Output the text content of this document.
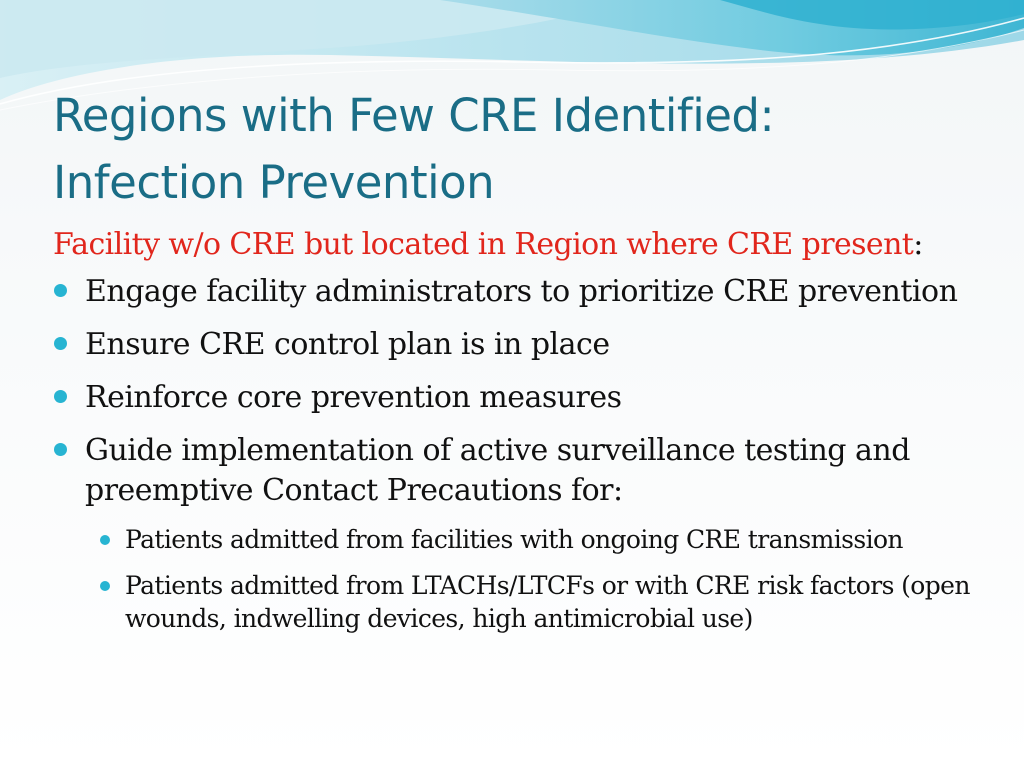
Regions with Few CRE Identified:
Infection Prevention
Facility w/o CRE but located in Region where CRE present:
Engage facility administrators to prioritize CRE prevention
Ensure CRE control plan is in place
Reinforce core prevention measures
Guide implementation of active surveillance testing and preemptive Contact Precautions for:
Patients admitted from facilities with ongoing CRE transmission
Patients admitted from LTACHs/LTCFs or with CRE risk factors (open wounds, indwelling devices, high antimicrobial use)
